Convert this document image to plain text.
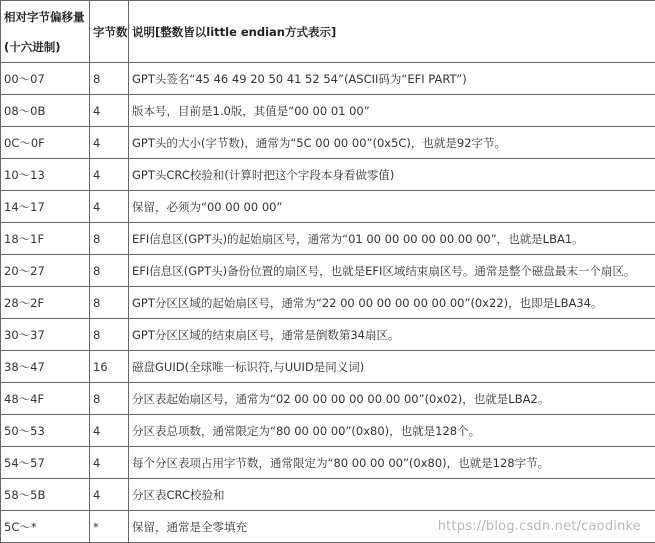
相对字节偏移量
(十六进制)	字节数	说明[整数皆以little endian方式表示]
00～07	8	GPT头签名“45 46 49 20 50 41 52 54”(ASCII码为“EFI PART”)
08～0B	4	版本号，目前是1.0版，其值是“00 00 01 00”
0C～0F	4	GPT头的大小(字节数)，通常为“5C 00 00 00”(0x5C)，也就是92字节。
10～13	4	GPT头CRC校验和(计算时把这个字段本身看做零值)
14～17	4	保留，必须为“00 00 00 00”
18～1F	8	EFI信息区(GPT头)的起始扇区号，通常为“01 00 00 00 00 00 00 00”，也就是LBA1。
20～27	8	EFI信息区(GPT头)备份位置的扇区号，也就是EFI区域结束扇区号。通常是整个磁盘最末一个扇区。
28～2F	8	GPT分区区域的起始扇区号，通常为“22 00 00 00 00 00 00 00”(0x22)，也即是LBA34。
30～37	8	GPT分区区域的结束扇区号，通常是倒数第34扇区。
38～47	16	磁盘GUID(全球唯一标识符,与UUID是同义词)
48～4F	8	分区表起始扇区号，通常为“02 00 00 00 00 00 00 00”(0x02)，也就是LBA2。
50～53	4	分区表总项数，通常限定为“80 00 00 00”(0x80)，也就是128个。
54～57	4	每个分区表项占用字节数，通常限定为“80 00 00 00”(0x80)，也就是128字节。
58～5B	4	分区表CRC校验和
5C～*	*	保留，通常是全零填充	https://blog.csdn.net/caodinke
